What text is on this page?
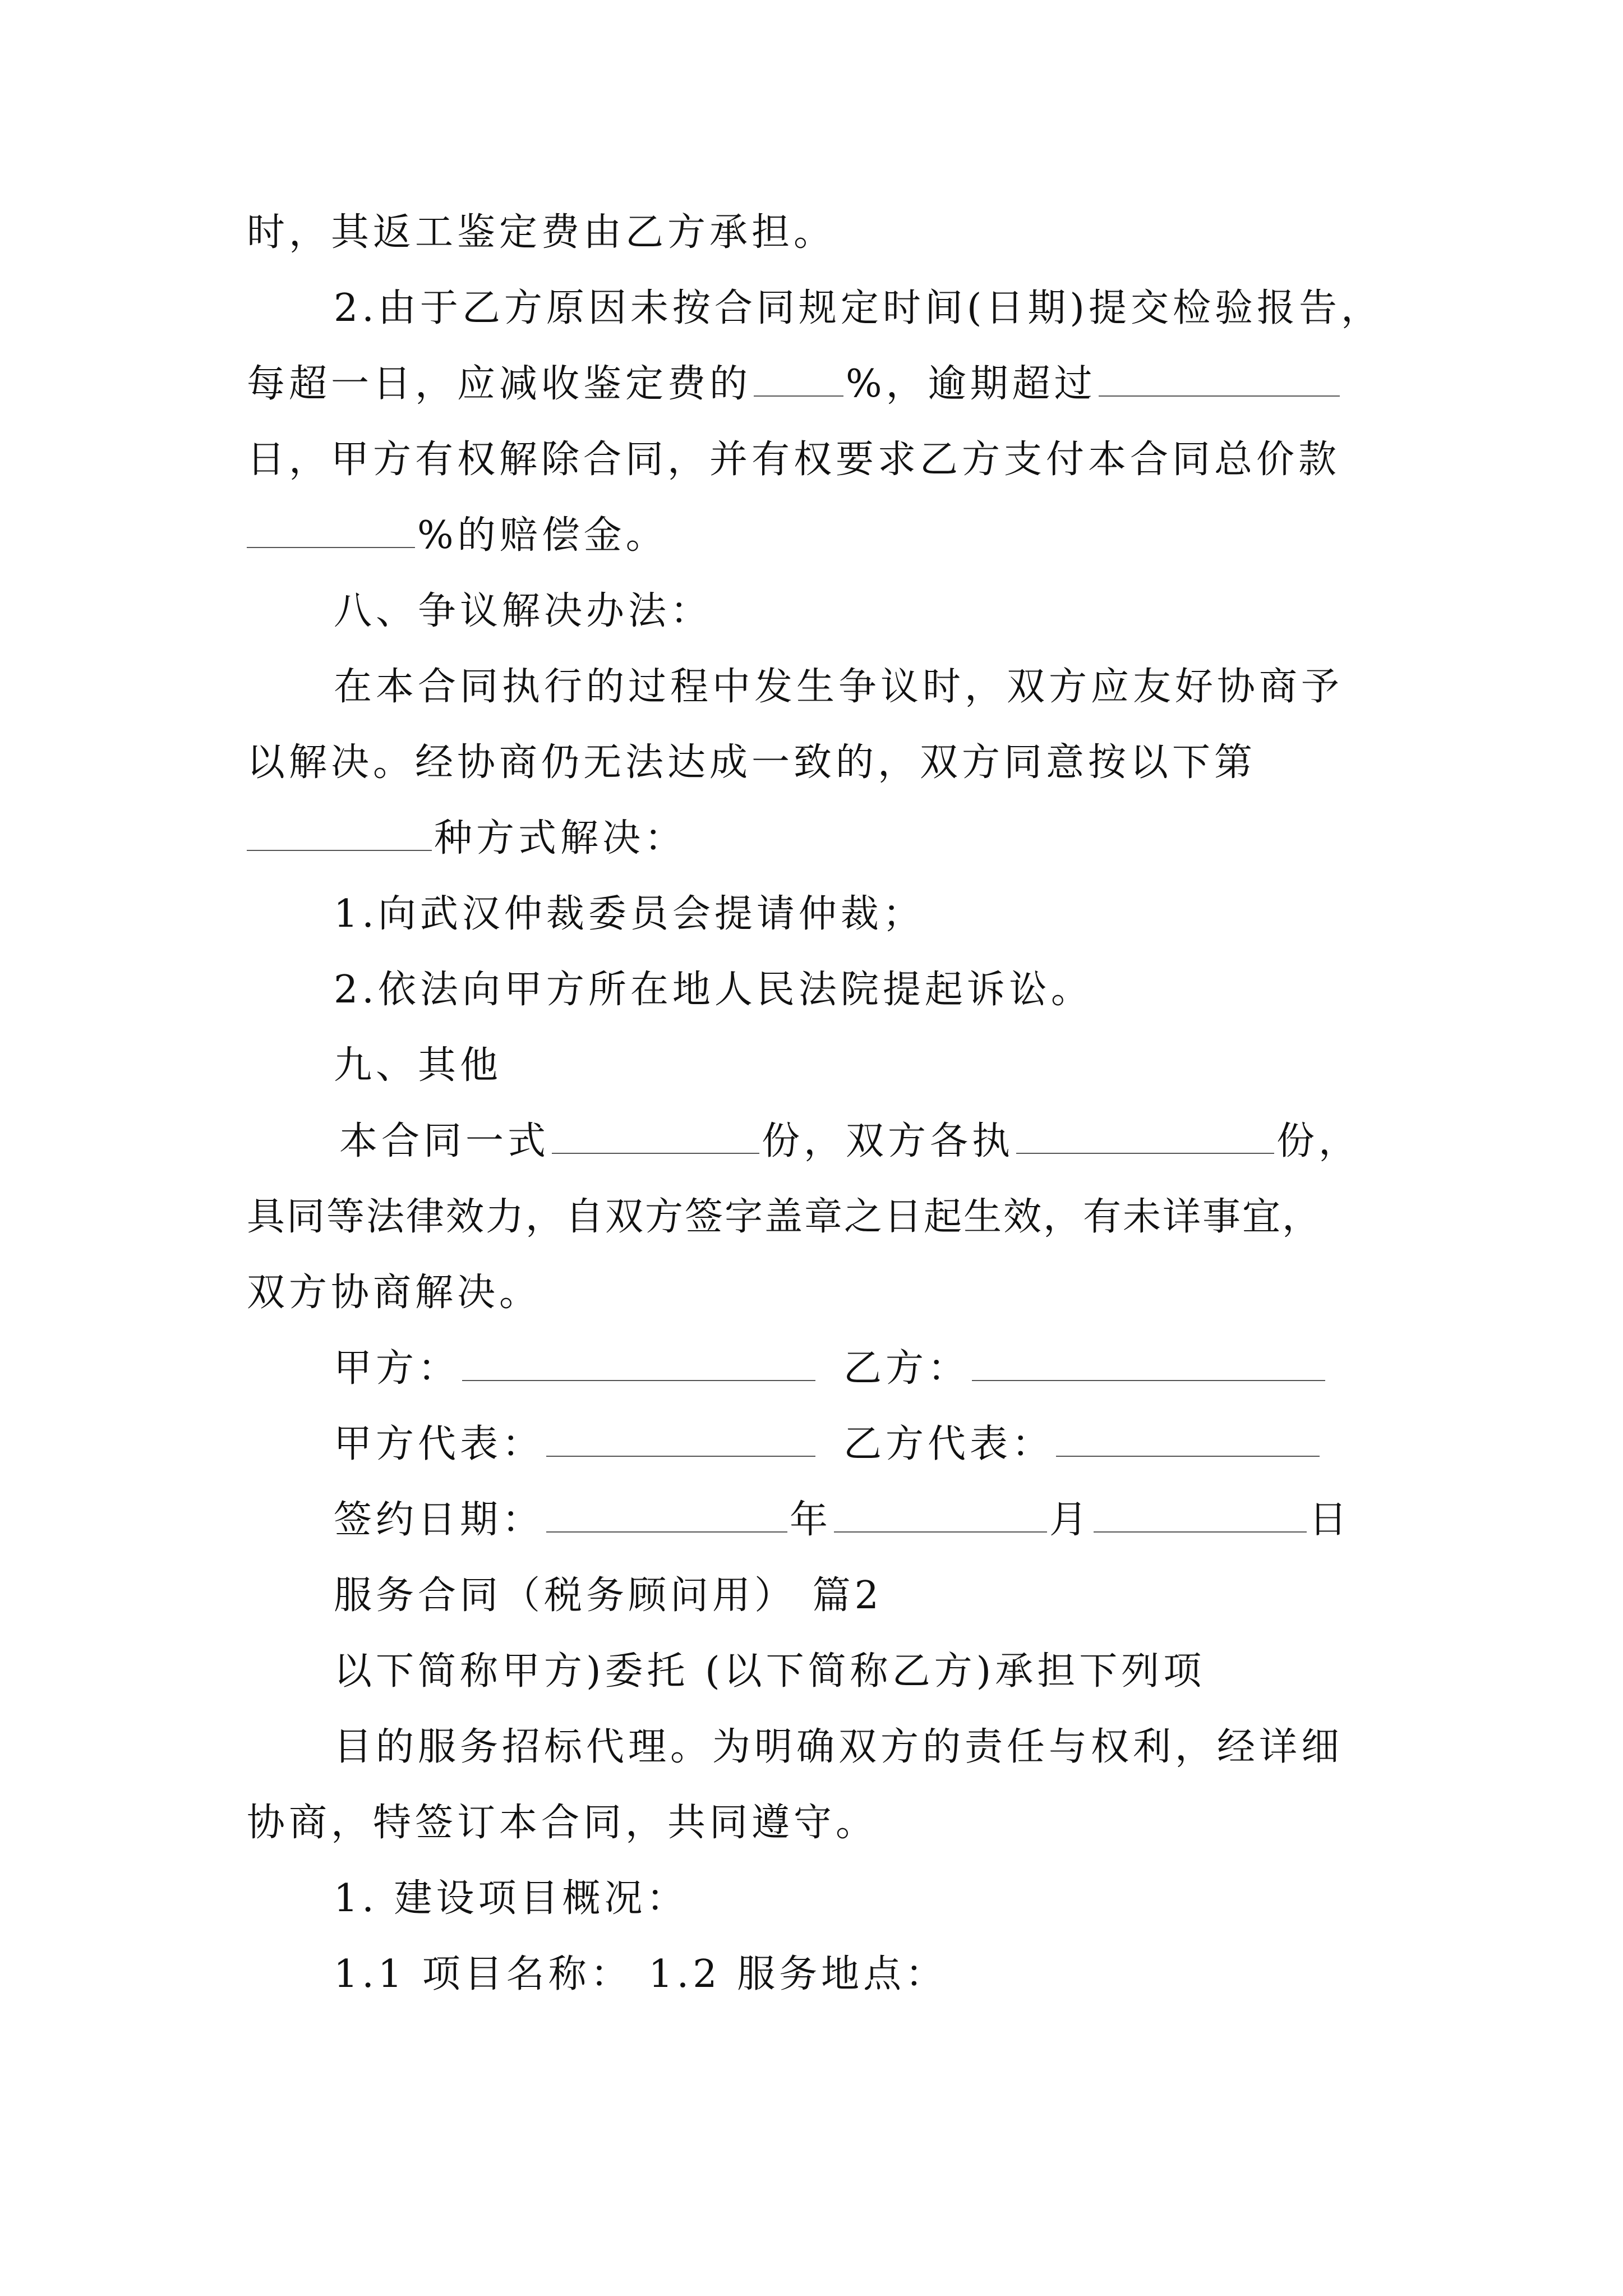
时，其返工鉴定费由乙方承担。
2.由于乙方原因未按合同规定时间(日期)提交检验报告，
每超一日，应减收鉴定费的 %，逾期超过
日，甲方有权解除合同，并有权要求乙方支付本合同总价款
%的赔偿金。
八、争议解决办法：
在本合同执行的过程中发生争议时，双方应友好协商予
以解决。经协商仍无法达成一致的，双方同意按以下第
种方式解决：
1.向武汉仲裁委员会提请仲裁；
2.依法向甲方所在地人民法院提起诉讼。
九、其他
本合同一式	份，双方各执	份，
具同等法律效力，自双方签字盖章之日起生效，有未详事宜，
双方协商解决。
甲方：	乙方：
甲方代表：	乙方代表：
签约日期：	年	月	日
服务合同（税务顾问用） 篇2
以下简称甲方)委托 (以下简称乙方)承担下列项
目的服务招标代理。为明确双方的责任与权利，经详细
协商，特签订本合同，共同遵守。
1. 建设项目概况：
1.1 项目名称： 1.2 服务地点：
